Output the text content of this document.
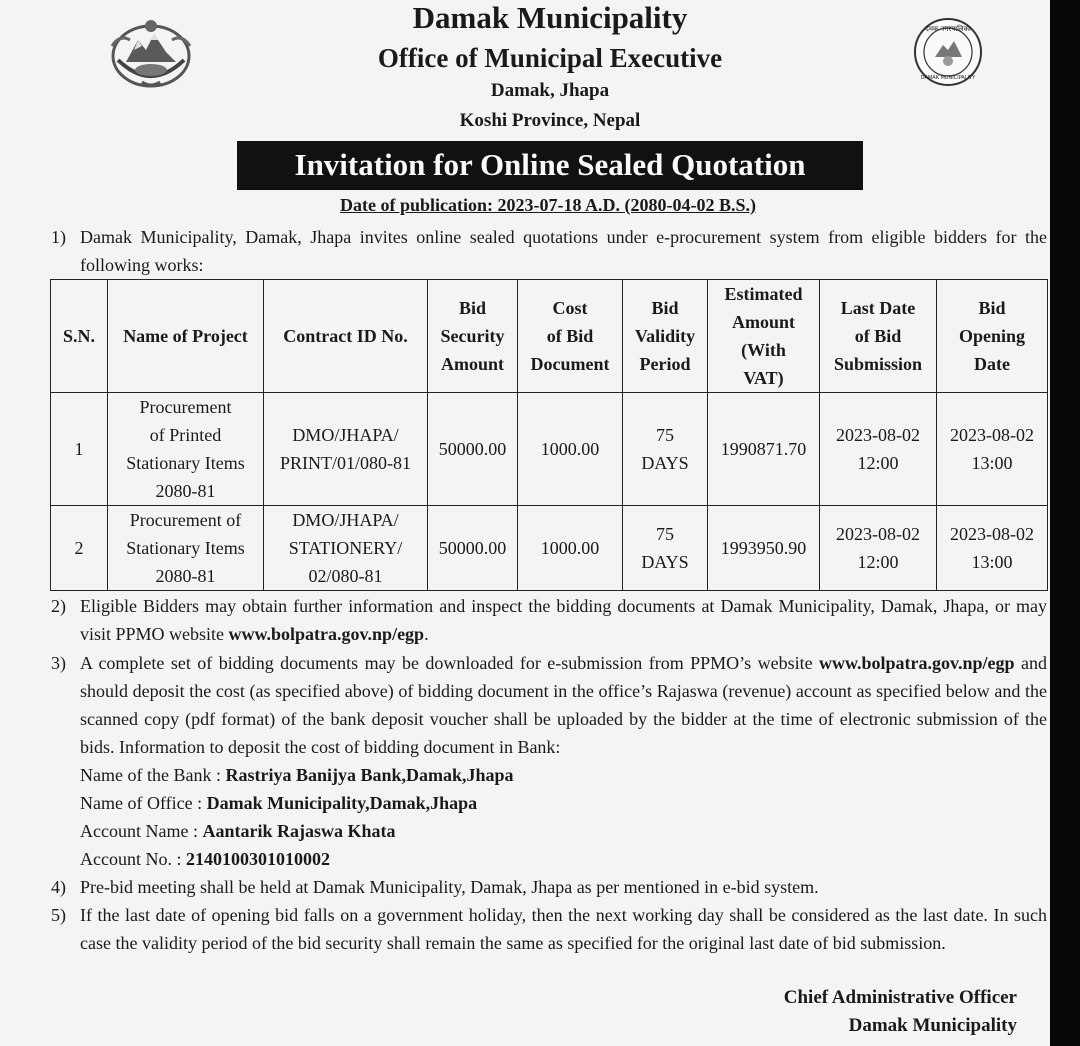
दमक नगरपालिका
DAMAK MUNICIPALITY
Damak Municipality
Office of Municipal Executive
Damak, Jhapa
Koshi Province, Nepal
Invitation for Online Sealed Quotation
Date of publication: 2023-07-18 A.D. (2080-04-02 B.S.)
1) Damak Municipality, Damak, Jhapa invites online sealed quotations under e-procurement system from eligible bidders for the following works:
S.N.	Name of Project	Contract ID No.	Bid
Security
Amount	Cost
of Bid
Document	Bid
Validity
Period	Estimated
Amount
(With
VAT)	Last Date
of Bid
Submission	Bid
Opening
Date
1	Procurement
of Printed
Stationary Items
2080-81	DMO/JHAPA/
PRINT/01/080-81	50000.00	1000.00	75
DAYS	1990871.70	2023-08-02
12:00	2023-08-02
13:00
2	Procurement of
Stationary Items
2080-81	DMO/JHAPA/
STATIONERY/
02/080-81	50000.00	1000.00	75
DAYS	1993950.90	2023-08-02
12:00	2023-08-02
13:00
2) Eligible Bidders may obtain further information and inspect the bidding documents at Damak Municipality, Damak, Jhapa, or may visit PPMO website www.bolpatra.gov.np/egp.
3) A complete set of bidding documents may be downloaded for e-submission from PPMO’s website www.bolpatra.gov.np/egp and should deposit the cost (as specified above) of bidding document in the office’s Rajaswa (revenue) account as specified below and the scanned copy (pdf format) of the bank deposit voucher shall be uploaded by the bidder at the time of electronic submission of the bids. Information to deposit the cost of bidding document in Bank:
Name of the Bank : Rastriya Banijya Bank,Damak,Jhapa
Name of Office : Damak Municipality,Damak,Jhapa
Account Name : Aantarik Rajaswa Khata
Account No. : 2140100301010002
4) Pre-bid meeting shall be held at Damak Municipality, Damak, Jhapa as per mentioned in e-bid system.
5) If the last date of opening bid falls on a government holiday, then the next working day shall be considered as the last date. In such case the validity period of the bid security shall remain the same as specified for the original last date of bid submission.
Chief Administrative Officer
Damak Municipality
